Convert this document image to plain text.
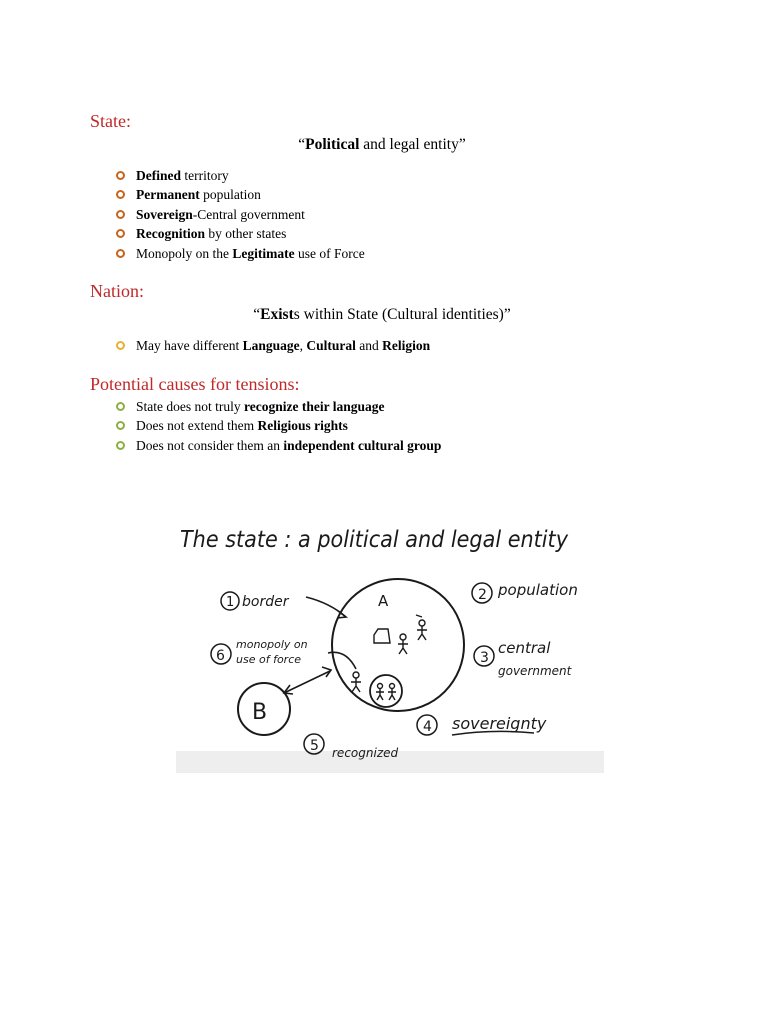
State:
“Political and legal entity”
Defined territory
Permanent population
Sovereign-Central government
Recognition by other states
Monopoly on the Legitimate use of Force
Nation:
“Exists within State (Cultural identities)”
May have different Language, Cultural and Religion
Potential causes for tensions:
State does not truly recognize their language
Does not extend them Religious rights
Does not consider them an independent cultural group
The state : a political and legal entity
A
B
1	2
3
6
4
5
border
population
central
government
monopoly on
use of force
sovereignty
recognized
